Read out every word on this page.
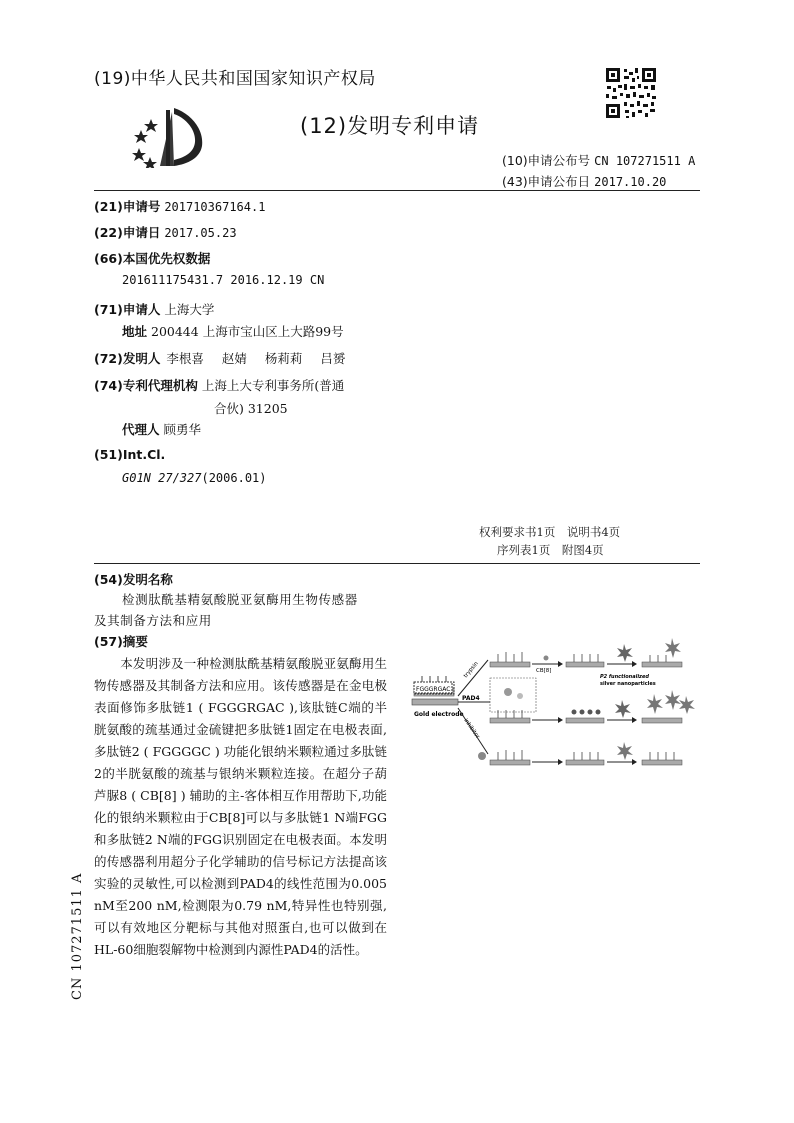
(19)中华人民共和国国家知识产权局
(12)发明专利申请
(10)申请公布号 CN 107271511 A
(43)申请公布日 2017.10.20
(21)申请号 201710367164.1
(22)申请日 2017.05.23
(66)本国优先权数据
201611175431.7 2016.12.19 CN
(71)申请人 上海大学
地址 200444 上海市宝山区上大路99号
(72)发明人 李根喜 赵婧 杨莉莉 吕赟
(74)专利代理机构 上海上大专利事务所(普通
合伙) 31205
代理人 顾勇华
(51)Int.Cl.
G01N 27/327(2006.01)
权利要求书1页　说明书4页
序列表1页　附图4页
(54)发明名称
检测肽酰基精氨酸脱亚氨酶用生物传感器
及其制备方法和应用
(57)摘要
本发明涉及一种检测肽酰基精氨酸脱亚氨酶用生物传感器及其制备方法和应用。该传感器是在金电极表面修饰多肽链1 ( FGGGRGAC ),该肽链C端的半胱氨酸的巯基通过金硫键把多肽链1固定在电极表面,多肽链2 ( FGGGGC ) 功能化银纳米颗粒通过多肽链2的半胱氨酸的巯基与银纳米颗粒连接。在超分子葫芦脲8 ( CB[8] ) 辅助的主-客体相互作用帮助下,功能化的银纳米颗粒由于CB[8]可以与多肽链1 N端FGG和多肽链2 N端的FGG识别固定在电极表面。本发明的传感器利用超分子化学辅助的信号标记方法提高该实验的灵敏性,可以检测到PAD4的线性范围为0.005 nM至200 nM,检测限为0.79 nM,特异性也特别强,可以有效地区分靶标与其他对照蛋白,也可以做到在HL-60细胞裂解物中检测到内源性PAD4的活性。
FGGGRGAC
Gold electrode
trypsin
PAD4
inhibitor
CB[8]
P2 functionalized
silver nanoparticles
CN 107271511 A
